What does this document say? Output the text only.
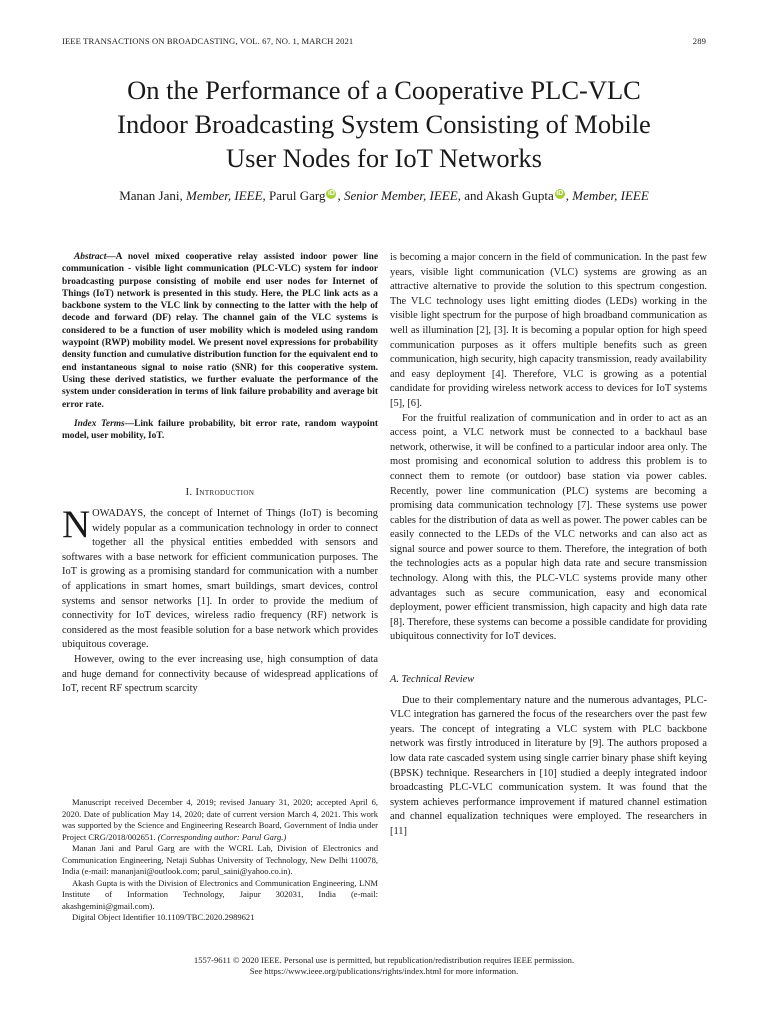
IEEE TRANSACTIONS ON BROADCASTING, VOL. 67, NO. 1, MARCH 2021	289
On the Performance of a Cooperative PLC-VLC
Indoor Broadcasting System Consisting of Mobile
User Nodes for IoT Networks
Manan Jani, Member, IEEE, Parul Garg iD , Senior Member, IEEE, and Akash Gupta iD , Member, IEEE

Abstract—A novel mixed cooperative relay assisted indoor power line communication - visible light communication (PLC-VLC) system for indoor broadcasting purpose consisting of mobile end user nodes for Internet of Things (IoT) network is presented in this study. Here, the PLC link acts as a backbone system to the VLC link by connecting to the latter with the help of decode and forward (DF) relay. The channel gain of the VLC systems is considered to be a function of user mobility which is modeled using random waypoint (RWP) mobility model. We present novel expressions for probability density function and cumulative distribution function for the equivalent end to end instantaneous signal to noise ratio (SNR) for this cooperative system. Using these derived statistics, we further evaluate the performance of the system under consideration in terms of link failure probability and average bit error rate.

Index Terms—Link failure probability, bit error rate, random waypoint model, user mobility, IoT.

I. Introduction

NOWADAYS, the concept of Internet of Things (IoT) is becoming widely popular as a communication technology in order to connect together all the physical entities embedded with sensors and softwares with a base network for efficient communication purposes. The IoT is growing as a promising standard for communication with a number of applications in smart homes, smart buildings, smart devices, control systems and sensor networks [1]. In order to provide the medium of connectivity for IoT devices, wireless radio frequency (RF) network is considered as the most feasible solution for a base network which provides ubiquitous coverage.

However, owing to the ever increasing use, high consumption of data and huge demand for connectivity because of widespread applications of IoT, recent RF spectrum scarcity

Manuscript received December 4, 2019; revised January 31, 2020; accepted April 6, 2020. Date of publication May 14, 2020; date of current version March 4, 2021. This work was supported by the Science and Engineering Research Board, Government of India under Project CRG/2018/002651. (Corresponding author: Parul Garg.)

Manan Jani and Parul Garg are with the WCRL Lab, Division of Electronics and Communication Engineering, Netaji Subhas University of Technology, New Delhi 110078, India (e-mail: mananjani@outlook.com; parul_saini@yahoo.co.in).

Akash Gupta is with the Division of Electronics and Communication Engineering, LNM Institute of Information Technology, Jaipur 302031, India (e-mail: akashgemini@gmail.com).

Digital Object Identifier 10.1109/TBC.2020.2989621

is becoming a major concern in the field of communication. In the past few years, visible light communication (VLC) systems are growing as an attractive alternative to provide the solution to this spectrum congestion. The VLC technology uses light emitting diodes (LEDs) working in the visible light spectrum for the purpose of high broadband communication as well as illumination [2], [3]. It is becoming a popular option for high speed communication purposes as it offers multiple benefits such as green communication, high security, high capacity transmission, ready availability and easy deployment [4]. Therefore, VLC is growing as a potential candidate for providing wireless network access to devices for IoT systems [5], [6].

For the fruitful realization of communication and in order to act as an access point, a VLC network must be connected to a backhaul base network, otherwise, it will be confined to a particular indoor area only. The most promising and economical solution to address this problem is to connect them to remote (or outdoor) base station via power cables. Recently, power line communication (PLC) systems are becoming a promising data communication technology [7]. These systems use power cables for the distribution of data as well as power. The power cables can be easily connected to the LEDs of the VLC networks and can also act as signal source and power source to them. Therefore, the integration of both the technologies acts as a popular high data rate and secure transmission technology. Along with this, the PLC-VLC systems provide many other advantages such as secure communication, easy and economical deployment, power efficient transmission, high capacity and high data rate [8]. Therefore, these systems can become a possible candidate for providing ubiquitous connectivity for IoT devices.

A. Technical Review

Due to their complementary nature and the numerous advantages, PLC-VLC integration has garnered the focus of the researchers over the past few years. The concept of integrating a VLC system with PLC backbone network was firstly introduced in literature by [9]. The authors proposed a low data rate cascaded system using single carrier binary phase shift keying (BPSK) technique. Researchers in [10] studied a deeply integrated indoor broadcasting PLC-VLC communication system. It was found that the system achieves performance improvement if matured channel estimation and channel equalization techniques were employed. The researchers in [11]

1557-9611 © 2020 IEEE. Personal use is permitted, but republication/redistribution requires IEEE permission.
See https://www.ieee.org/publications/rights/index.html for more information.
